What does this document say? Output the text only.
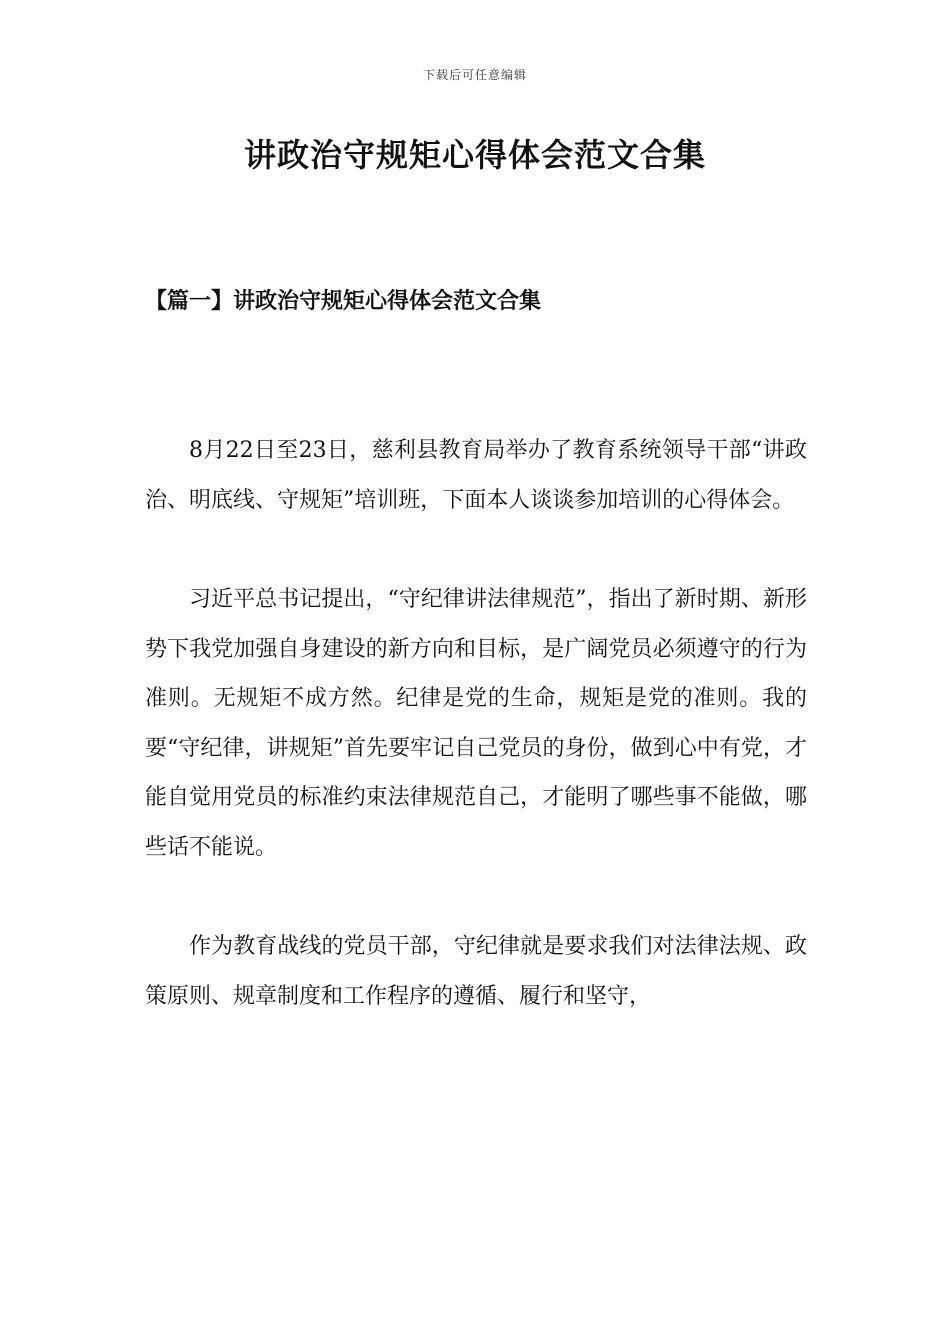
下载后可任意编辑
讲政治守规矩心得体会范文合集
【篇一】讲政治守规矩心得体会范文合集

8月22日至23日，慈利县教育局举办了教育系统领导干部“讲政治、明底线、守规矩”培训班，下面本人谈谈参加培训的心得体会。

习近平总书记提出，“守纪律讲法律规范”，指出了新时期、新形势下我党加强自身建设的新方向和目标，是广阔党员必须遵守的行为准则。无规矩不成方然。纪律是党的生命，规矩是党的准则。我的要“守纪律，讲规矩”首先要牢记自己党员的身份，做到心中有党，才能自觉用党员的标准约束法律规范自己，才能明了哪些事不能做，哪些话不能说。

作为教育战线的党员干部，守纪律就是要求我们对法律法规、政策原则、规章制度和工作程序的遵循、履行和坚守，
